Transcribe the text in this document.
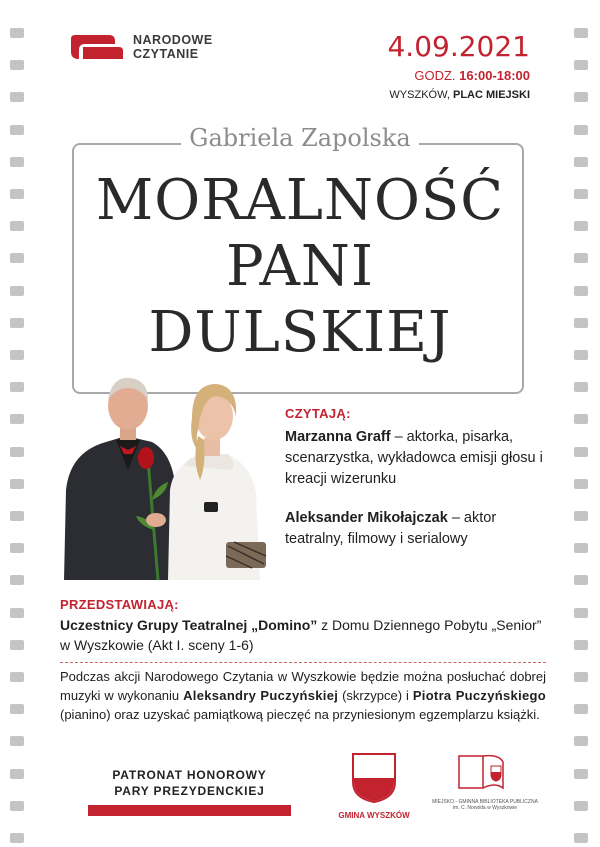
NARODOWE
CZYTANIE	4.09.2021
GODZ. 16:00-18:00
WYSZKÓW, PLAC MIEJSKI
Gabriela Zapolska
MORALNOŚĆ
PANI
DULSKIEJ
CZYTAJĄ:
Marzanna Graff – aktorka, pisarka, scenarzystka, wykładowca emisji głosu i kreacji wizerunku
Aleksander Mikołajczak – aktor teatralny, filmowy i serialowy
PRZEDSTAWIAJĄ:
Uczestnicy Grupy Teatralnej „Domino” z Domu Dziennego Pobytu „Senior” w Wyszkowie (Akt I. sceny 1-6)
Podczas akcji Narodowego Czytania w Wyszkowie będzie można posłuchać dobrej muzyki w wykonaniu Aleksandry Puczyńskiej (skrzypce) i Piotra Puczyńskiego (pianino) oraz uzyskać pamiątkową pieczęć na przyniesionym egzemplarzu książki.
PATRONAT HONOROWY
PARY PREZYDENCKIEJ
GMINA WYSZKÓW
MIEJSKO - GMINNA BIBLIOTEKA PUBLICZNA im. C. Norwida w Wyszkowie
